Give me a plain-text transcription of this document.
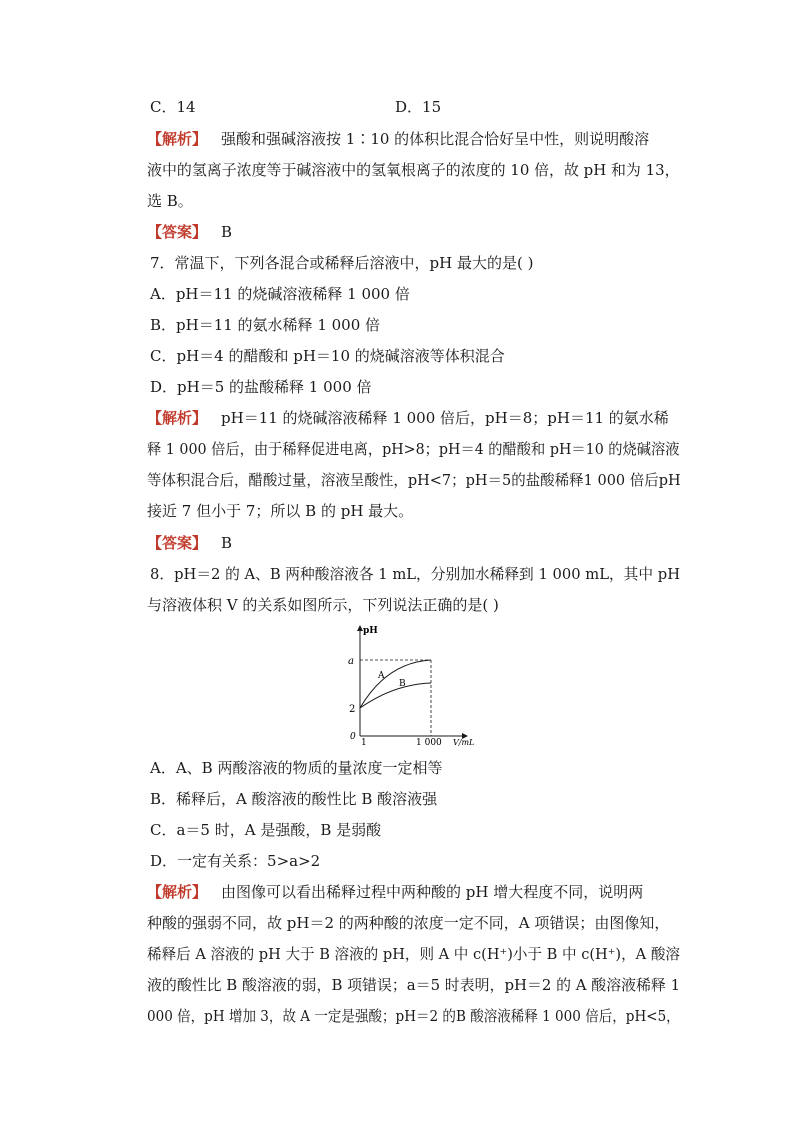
C．14	D．15
【解析】 强酸和强碱溶液按 1∶10 的体积比混合恰好呈中性，则说明酸溶
液中的氢离子浓度等于碱溶液中的氢氧根离子的浓度的 10 倍，故 pH 和为 13，
选 B。
【答案】 B
7．常温下，下列各混合或稀释后溶液中，pH 最大的是( )
A．pH＝11 的烧碱溶液稀释 1 000 倍
B．pH＝11 的氨水稀释 1 000 倍
C．pH＝4 的醋酸和 pH＝10 的烧碱溶液等体积混合
D．pH＝5 的盐酸稀释 1 000 倍
【解析】 pH＝11 的烧碱溶液稀释 1 000 倍后，pH＝8；pH＝11 的氨水稀
释 1 000 倍后，由于稀释促进电离，pH>8；pH＝4 的醋酸和 pH＝10 的烧碱溶液
等体积混合后，醋酸过量，溶液呈酸性，pH<7；pH＝5的盐酸稀释1 000 倍后pH
接近 7 但小于 7；所以 B 的 pH 最大。
【答案】 B
8．pH＝2 的 A、B 两种酸溶液各 1 mL，分别加水稀释到 1 000 mL，其中 pH
与溶液体积 V 的关系如图所示，下列说法正确的是( )
pH
0
a
2
1	1 000 V/mL
A
B
A．A、B 两酸溶液的物质的量浓度一定相等
B．稀释后，A 酸溶液的酸性比 B 酸溶液强
C．a＝5 时，A 是强酸，B 是弱酸
D．一定有关系：5>a>2
【解析】 由图像可以看出稀释过程中两种酸的 pH 增大程度不同，说明两
种酸的强弱不同，故 pH＝2 的两种酸的浓度一定不同，A 项错误；由图像知，
稀释后 A 溶液的 pH 大于 B 溶液的 pH，则 A 中 c(H⁺)小于 B 中 c(H⁺)，A 酸溶
液的酸性比 B 酸溶液的弱，B 项错误；a＝5 时表明，pH＝2 的 A 酸溶液稀释 1
000 倍，pH 增加 3，故 A 一定是强酸；pH＝2 的B 酸溶液稀释 1 000 倍后，pH<5，
